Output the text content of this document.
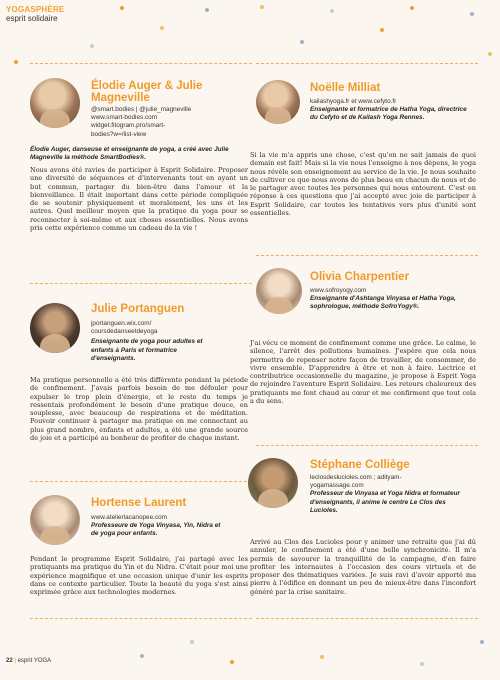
YOGASPHÈRE
esprit solidaire
Élodie Auger & Julie Magneville
@smart.bodies | @julie_magneville
www.smart-bodies.com
widget.fitogram.pro/smart-
bodies?w=/list-view
Élodie Auger, danseuse et enseignante de yoga, a créé avec Julie Magneville la méthode SmartBodies®.
Nous avons été ravies de participer à Esprit Solidaire. Proposer une diversité de séquences et d'intervenants tout en ayant un but commun, partager du bien-être dans l'amour et la bienveillance. Il était important dans cette période compliquée de se soutenir physiquement et moralement, les uns et les autres. Quel meilleur moyen que la pratique du yoga pour se reconnecter à soi-même et aux choses essentielles. Nous avons pris cette expérience comme un cadeau de la vie !
Julie Portanguen
jportanguen.wix.com/
coursdedanseetdeyoga
Enseignante de yoga pour adultes et enfants à Paris et formatrice d'enseignants.
Ma pratique personnelle a été très différente pendant la période de confinement. J'avais parfois besoin de me défouler pour expulser le trop plein d'énergie, et le reste du temps je ressentais profondément le besoin d'une pratique douce, en souplesse, avec beaucoup de respirations et de méditation. Pouvoir continuer à partager ma pratique en me connectant au plus grand nombre, enfants et adultes, a été une grande source de joie et a participé au bonheur de profiter de chaque instant.
Hortense Laurent
www.atelierlacanopee.com
Professeure de Yoga Vinyasa, Yin, Nidra et de yoga pour enfants.
Pendant le programme Esprit Solidaire, j'ai partagé avec les pratiquants ma pratique du Yin et du Nidra. C'était pour moi une expérience magnifique et une occasion unique d'unir les esprits dans ce contexte particulier. Toute la beauté du yoga s'est ainsi exprimée grâce aux technologies modernes.
Noëlle Milliat
kailashyoga.fr et www.cefyto.fr
Enseignante et formatrice de Hatha Yoga, directrice du Cefyto et de Kailash Yoga Rennes.
Si la vie m'a appris une chose, c'est qu'on ne sait jamais de quoi demain est fait! Mais si la vie nous l'enseigne à nos dépens, le yoga nous révèle son enseignement au service de la vie. Je nous souhaite de cultiver ce que nous avons de plus beau en chacun de nous et de le partager avec toutes les personnes qui nous entourent. C'est en réponse à ces questions que j'ai accepté avec joie de participer à Esprit Solidaire, car toutes les tentatives vers plus d'unité sont essentielles.
Olivia Charpentier
www.sofroyogy.com
Enseignante d'Ashtanga Vinyasa et Hatha Yoga, sophrologue, méthode SofroYogy®.
J'ai vécu ce moment de confinement comme une grâce. Le calme, le silence, l'arrêt des pollutions humaines. J'espère que cela nous permettra de repenser notre façon de travailler, de consommer, de vivre ensemble. D'apprendre à être et non à faire. Lectrice et contributrice occasionnelle du magazine, je propose à Esprit Yoga de rejoindre l'aventure Esprit Solidaire. Les retours chaleureux des pratiquants me font chaud au cœur et me confirment que tout cela a du sens.
Stéphane Colliège
leclosdeslucioles.com ; adityam-
yogamassage.com
Professeur de Vinyasa et Yoga Nidra et formateur d'enseignants, il anime le centre Le Clos des Lucioles.
Arrivé au Clos des Lucioles pour y animer une retraite que j'ai dû annuler, le confinement a été d'une belle synchronicité. Il m'a permis de savourer la tranquillité de la campagne, d'en faire profiter les internautes à l'occasion des cours virtuels et de proposer des thématiques variées. Je suis ravi d'avoir apporté ma pierre à l'édifice en donnant un peu de mieux-être dans l'inconfort généré par la crise sanitaire.
22 | esprit YOGA
